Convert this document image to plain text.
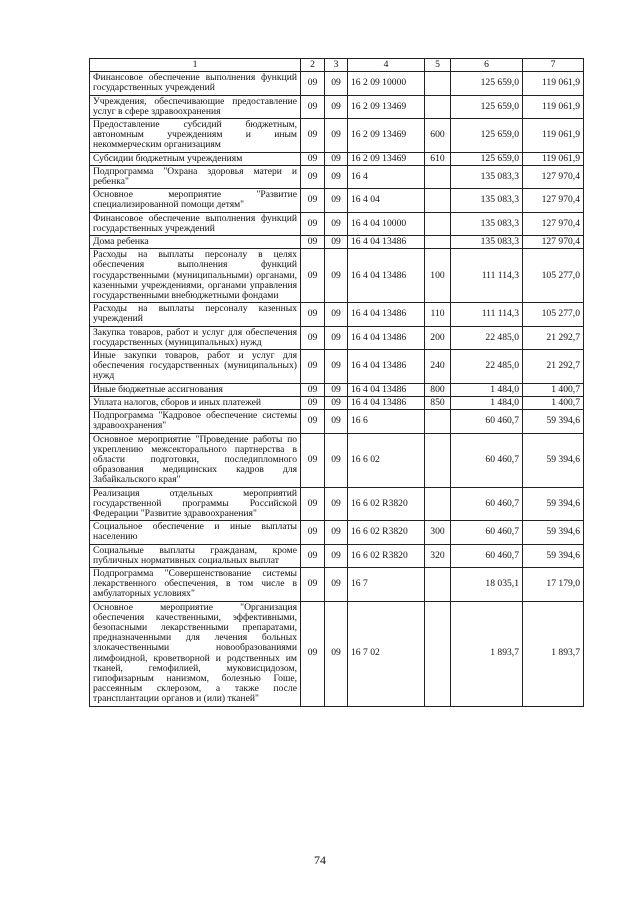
1	2	3	4	5	6	7
Финансовое обеспечение выполнения функций государственных учреждений	09	09	16 2 09 10000		125 659,0	119 061,9
Учреждения, обеспечивающие предоставление услуг в сфере здравоохранения	09	09	16 2 09 13469		125 659,0	119 061,9
Предоставление субсидий бюджетным, автономным учреждениям и иным некоммерческим организациям	09	09	16 2 09 13469	600	125 659,0	119 061,9
Субсидии бюджетным учреждениям	09	09	16 2 09 13469	610	125 659,0	119 061,9
Подпрограмма "Охрана здоровья матери и ребенка"	09	09	16 4		135 083,3	127 970,4
Основное мероприятие "Развитие специализированной помощи детям"	09	09	16 4 04		135 083,3	127 970,4
Финансовое обеспечение выполнения функций государственных учреждений	09	09	16 4 04 10000		135 083,3	127 970,4
Дома ребенка	09	09	16 4 04 13486		135 083,3	127 970,4
Расходы на выплаты персоналу в целях обеспечения выполнения функций государственными (муниципальными) органами, казенными учреждениями, органами управления государственными внебюджетными фондами	09	09	16 4 04 13486	100	111 114,3	105 277,0
Расходы на выплаты персоналу казенных учреждений	09	09	16 4 04 13486	110	111 114,3	105 277,0
Закупка товаров, работ и услуг для обеспечения государственных (муниципальных) нужд	09	09	16 4 04 13486	200	22 485,0	21 292,7
Иные закупки товаров, работ и услуг для обеспечения государственных (муниципальных) нужд	09	09	16 4 04 13486	240	22 485,0	21 292,7
Иные бюджетные ассигнования	09	09	16 4 04 13486	800	1 484,0	1 400,7
Уплата налогов, сборов и иных платежей	09	09	16 4 04 13486	850	1 484,0	1 400,7
Подпрограмма "Кадровое обеспечение системы здравоохранения"	09	09	16 6		60 460,7	59 394,6
Основное мероприятие "Проведение работы по укреплению межсекторального партнерства в области подготовки, последипломного образования медицинских кадров для Забайкальского края"	09	09	16 6 02		60 460,7	59 394,6
Реализация отдельных мероприятий государственной программы Российской Федерации "Развитие здравоохранения"	09	09	16 6 02 R3820		60 460,7	59 394,6
Социальное обеспечение и иные выплаты населению	09	09	16 6 02 R3820	300	60 460,7	59 394,6
Социальные выплаты гражданам, кроме публичных нормативных социальных выплат	09	09	16 6 02 R3820	320	60 460,7	59 394,6
Подпрограмма "Совершенствование системы лекарственного обеспечения, в том числе в амбулаторных условиях"	09	09	16 7		18 035,1	17 179,0
Основное мероприятие "Организация обеспечения качественными, эффективными, безопасными лекарственными препаратами, предназначенными для лечения больных злокачественными новообразованиями лимфоидной, кроветворной и родственных им тканей, гемофилией, муковисцидозом, гипофизарным нанизмом, болезнью Гоше, рассеянным склерозом, а также после трансплантации органов и (или) тканей"	09	09	16 7 02		1 893,7	1 893,7
74
